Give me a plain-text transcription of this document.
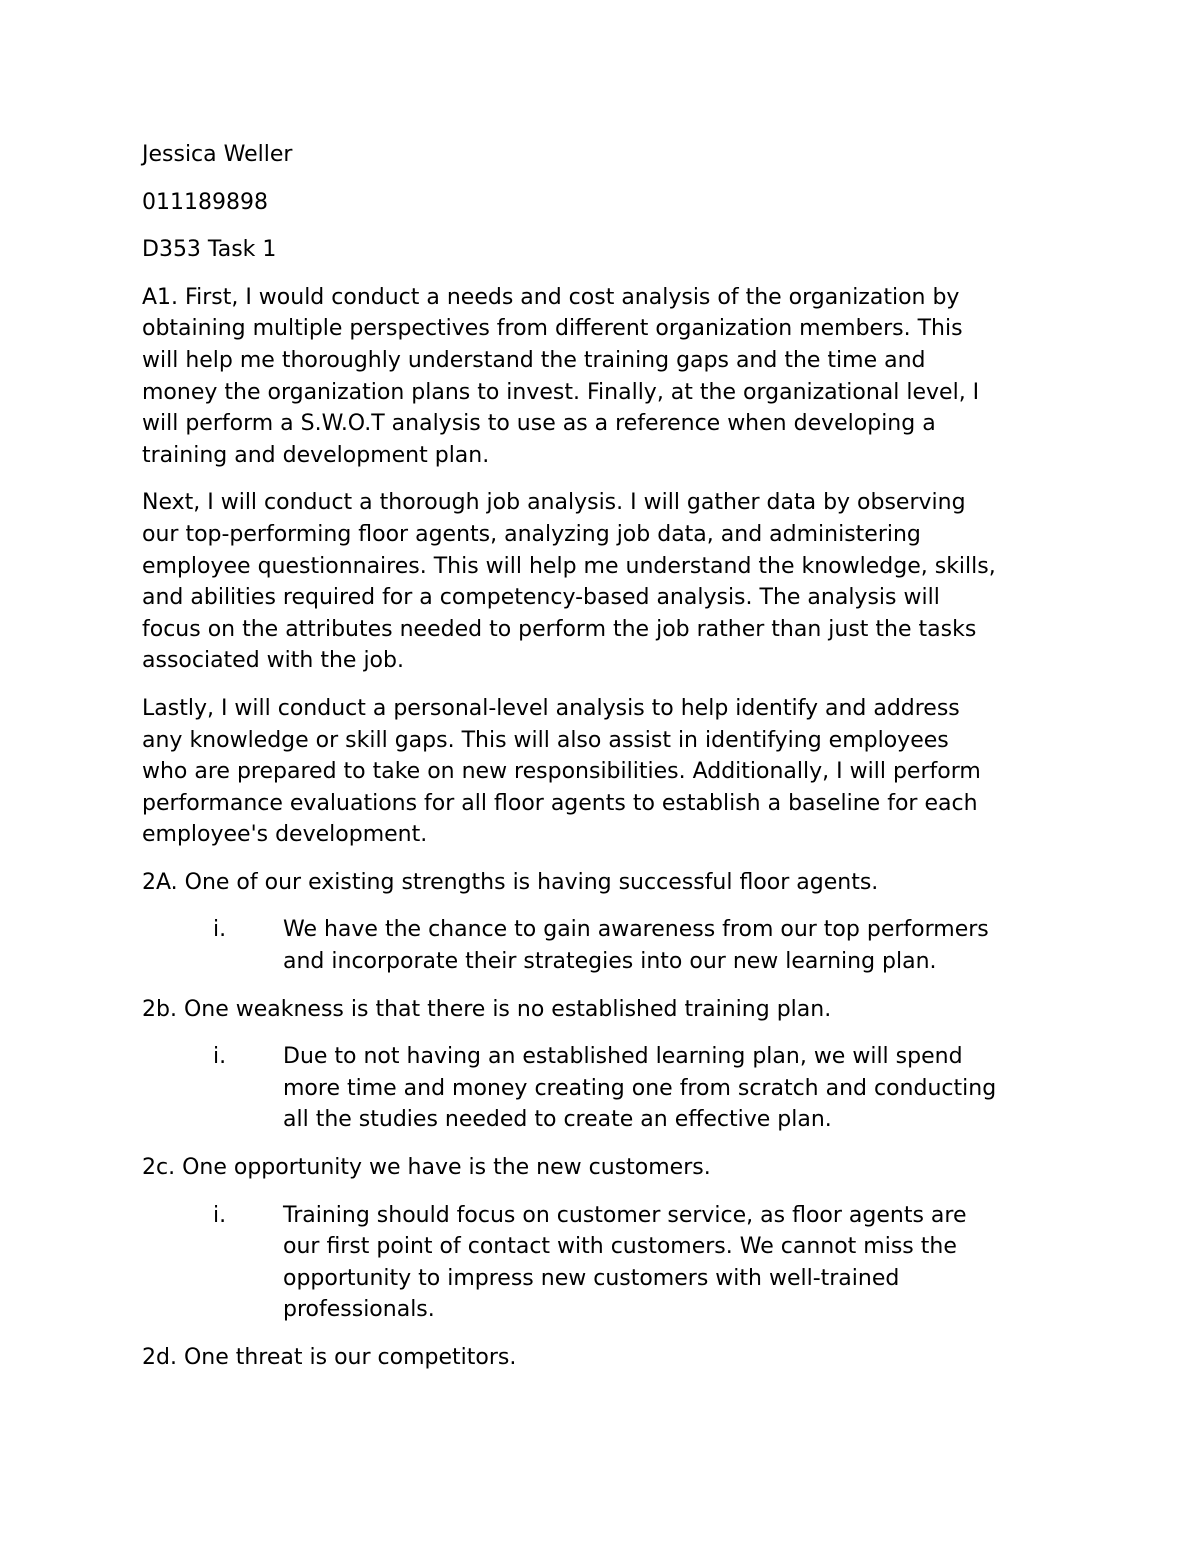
Jessica Weller

011189898

D353 Task 1

A1. First, I would conduct a needs and cost analysis of the organization by
obtaining multiple perspectives from different organization members. This
will help me thoroughly understand the training gaps and the time and
money the organization plans to invest. Finally, at the organizational level, I
will perform a S.W.O.T analysis to use as a reference when developing a
training and development plan.

Next, I will conduct a thorough job analysis. I will gather data by observing
our top-performing floor agents, analyzing job data, and administering
employee questionnaires. This will help me understand the knowledge, skills,
and abilities required for a competency-based analysis. The analysis will
focus on the attributes needed to perform the job rather than just the tasks
associated with the job.

Lastly, I will conduct a personal-level analysis to help identify and address
any knowledge or skill gaps. This will also assist in identifying employees
who are prepared to take on new responsibilities. Additionally, I will perform
performance evaluations for all floor agents to establish a baseline for each
employee's development.

2A. One of our existing strengths is having successful floor agents.

i.	We have the chance to gain awareness from our top performers
and incorporate their strategies into our new learning plan.

2b. One weakness is that there is no established training plan.

i.	Due to not having an established learning plan, we will spend
more time and money creating one from scratch and conducting
all the studies needed to create an effective plan.

2c. One opportunity we have is the new customers.

i.	Training should focus on customer service, as floor agents are
our first point of contact with customers. We cannot miss the
opportunity to impress new customers with well-trained
professionals.

2d. One threat is our competitors.
